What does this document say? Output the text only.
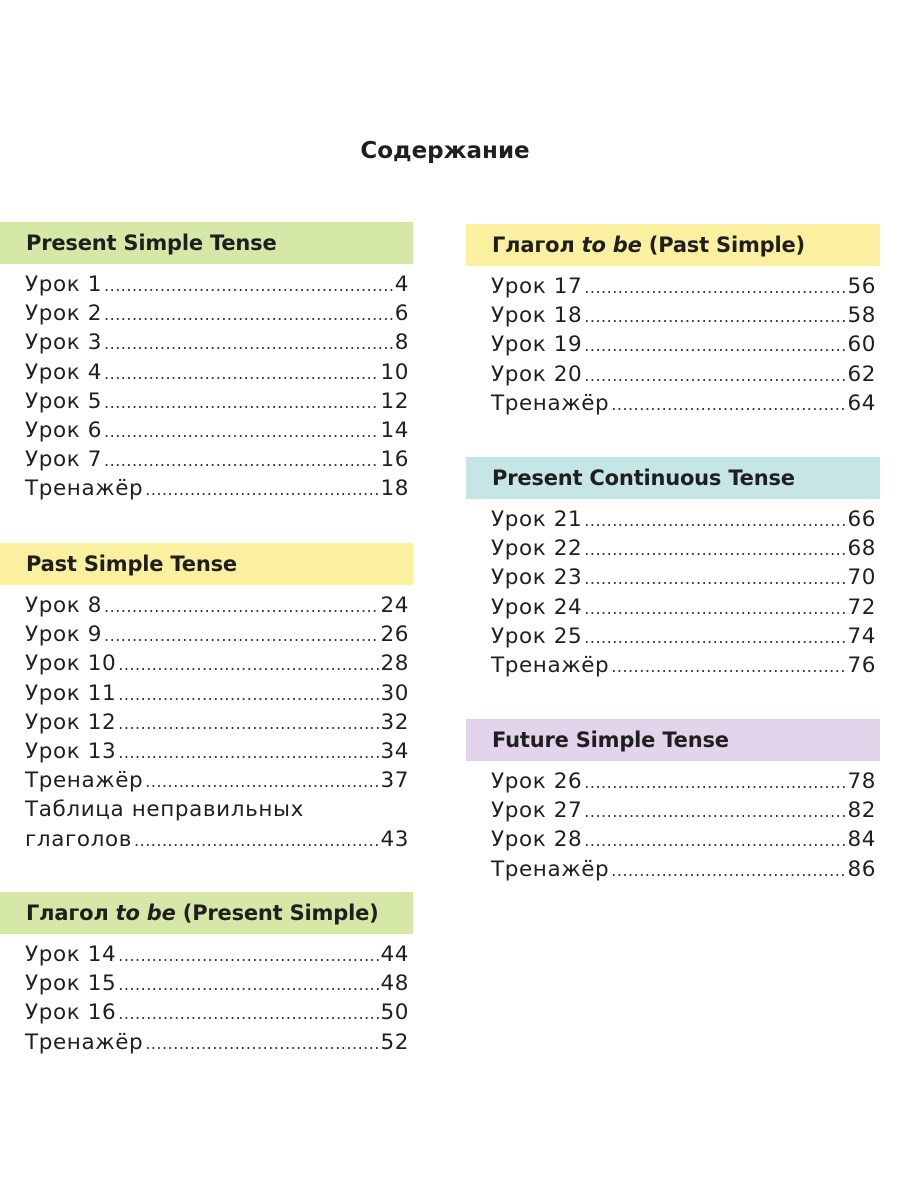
Содержание
Present Simple Tense
Урок 1 .....	4
Урок 2 .....	6
Урок 3 .....	8
Урок 4 .....	10
Урок 5 .....	12
Урок 6 .....	14
Урок 7 .....	16
Тренажёр .....	18
Past Simple Tense
Урок 8 .....	24
Урок 9 .....	26
Урок 10 .....	28
Урок 11 .....	30
Урок 12 .....	32
Урок 13 .....	34
Тренажёр .....	37
Таблица неправильных
глаголов .....	43
Глагол to be (Present Simple)
Урок 14 .....	44
Урок 15 .....	48
Урок 16 .....	50
Тренажёр .....	52
Глагол to be (Past Simple)
Урок 17 .....	56
Урок 18 .....	58
Урок 19 .....	60
Урок 20 .....	62
Тренажёр .....	64
Present Continuous Tense
Урок 21 .....	66
Урок 22 .....	68
Урок 23 .....	70
Урок 24 .....	72
Урок 25 .....	74
Тренажёр .....	76
Future Simple Tense
Урок 26 .....	78
Урок 27 .....	82
Урок 28 .....	84
Тренажёр .....	86
